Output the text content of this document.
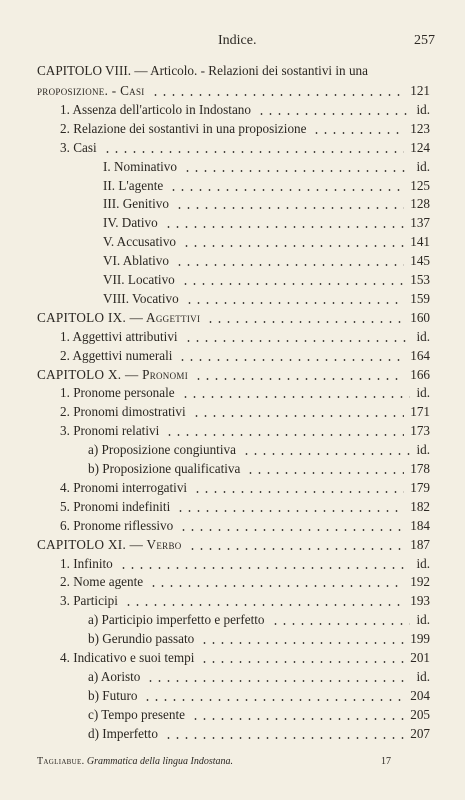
Indice.	257
CAPITOLO VIII. — Articolo. - Relazioni dei sostantivi in una
proposizione. - Casi	121
1. Assenza dell'articolo in Indostano	id.
2. Relazione dei sostantivi in una proposizione	123
3. Casi	124
I. Nominativo	id.
II. L'agente	125
III. Genitivo	128
IV. Dativo	137
V. Accusativo	141
VI. Ablativo	145
VII. Locativo	153
VIII. Vocativo	159
CAPITOLO IX. — Aggettivi	160
1. Aggettivi attributivi	id.
2. Aggettivi numerali	164
CAPITOLO X. — Pronomi	166
1. Pronome personale	id.
2. Pronomi dimostrativi	171
3. Pronomi relativi	173
a) Proposizione congiuntiva	id.
b) Proposizione qualificativa	178
4. Pronomi interrogativi	179
5. Pronomi indefiniti	182
6. Pronome riflessivo	184
CAPITOLO XI. — Verbo	187
1. Infinito	id.
2. Nome agente	192
3. Participi	193
a) Participio imperfetto e perfetto	id.
b) Gerundio passato	199
4. Indicativo e suoi tempi	201
a) Aoristo	id.
b) Futuro	204
c) Tempo presente	205
d) Imperfetto	207
Tagliabue. Grammatica della lingua Indostana.	17
